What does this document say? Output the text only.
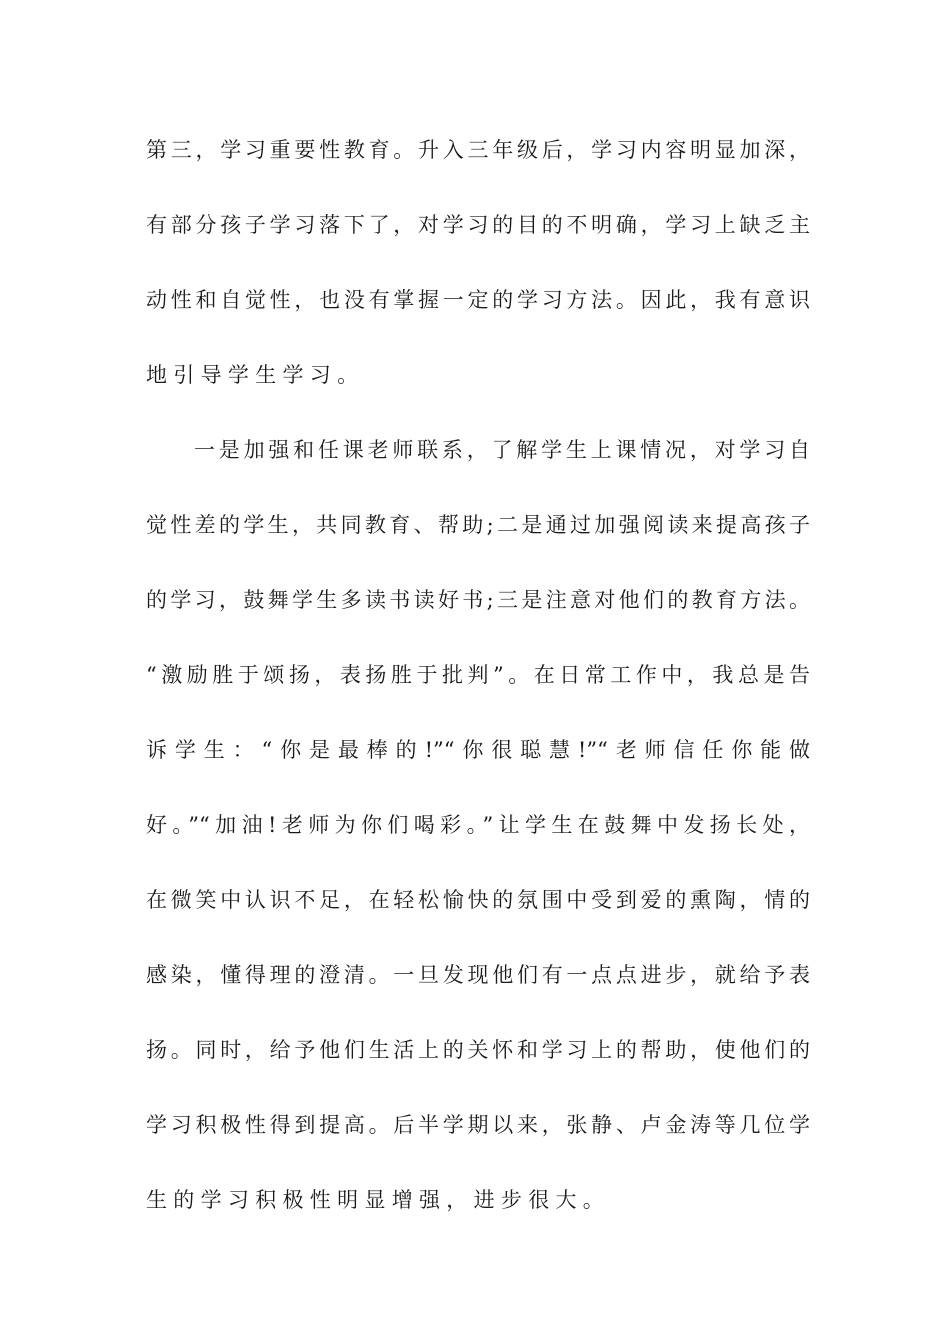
第三，学习重要性教育。升入三年级后，学习内容明显加深，
有部分孩子学习落下了，对学习的目的不明确，学习上缺乏主
动性和自觉性，也没有掌握一定的学习方法。因此，我有意识
地引导学生学习。
一是加强和任课老师联系，了解学生上课情况，对学习自
觉性差的学生，共同教育、帮助;二是通过加强阅读来提高孩子
的学习，鼓舞学生多读书读好书;三是注意对他们的教育方法。
“激励胜于颂扬，表扬胜于批判”。在日常工作中，我总是告
诉学生：“你是最棒的!”“你很聪慧!”“老师信任你能做
好。”“加油!老师为你们喝彩。”让学生在鼓舞中发扬长处，
在微笑中认识不足，在轻松愉快的氛围中受到爱的熏陶，情的
感染，懂得理的澄清。一旦发现他们有一点点进步，就给予表
扬。同时，给予他们生活上的关怀和学习上的帮助，使他们的
学习积极性得到提高。后半学期以来，张静、卢金涛等几位学
生的学习积极性明显增强，进步很大。
